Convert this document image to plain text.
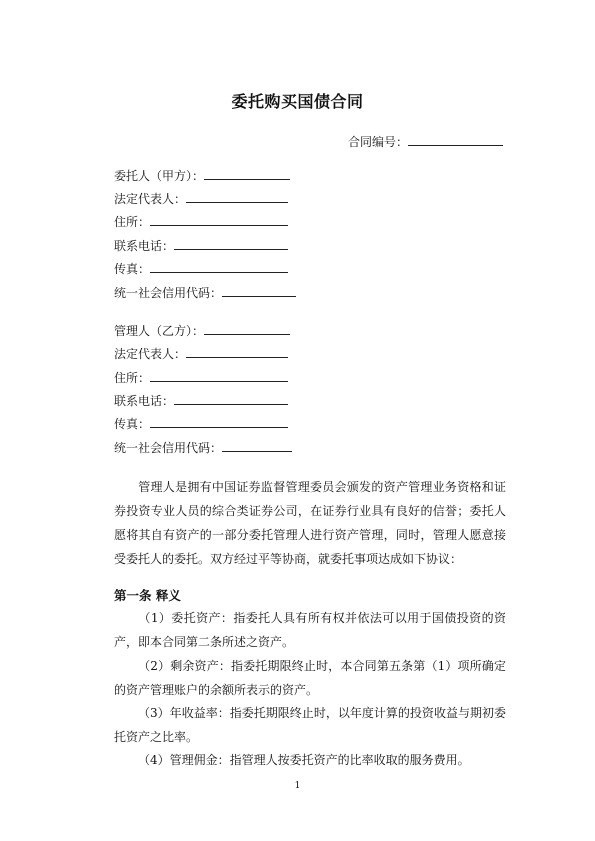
委托购买国债合同
合同编号：
委托人（甲方）：
法定代表人：
住所：
联系电话：
传真：
统一社会信用代码：
管理人（乙方）：
法定代表人：
住所：
联系电话：
传真：
统一社会信用代码：
管理人是拥有中国证券监督管理委员会颁发的资产管理业务资格和证券投资专业人员的综合类证券公司，在证券行业具有良好的信誉；委托人愿将其自有资产的一部分委托管理人进行资产管理，同时，管理人愿意接受委托人的委托。双方经过平等协商，就委托事项达成如下协议：
第一条 释义
（1）委托资产：指委托人具有所有权并依法可以用于国债投资的资产，即本合同第二条所述之资产。
（2）剩余资产：指委托期限终止时，本合同第五条第（1）项所确定的资产管理账户的余额所表示的资产。
（3）年收益率：指委托期限终止时，以年度计算的投资收益与期初委托资产之比率。
（4）管理佣金：指管理人按委托资产的比率收取的服务费用。
1
